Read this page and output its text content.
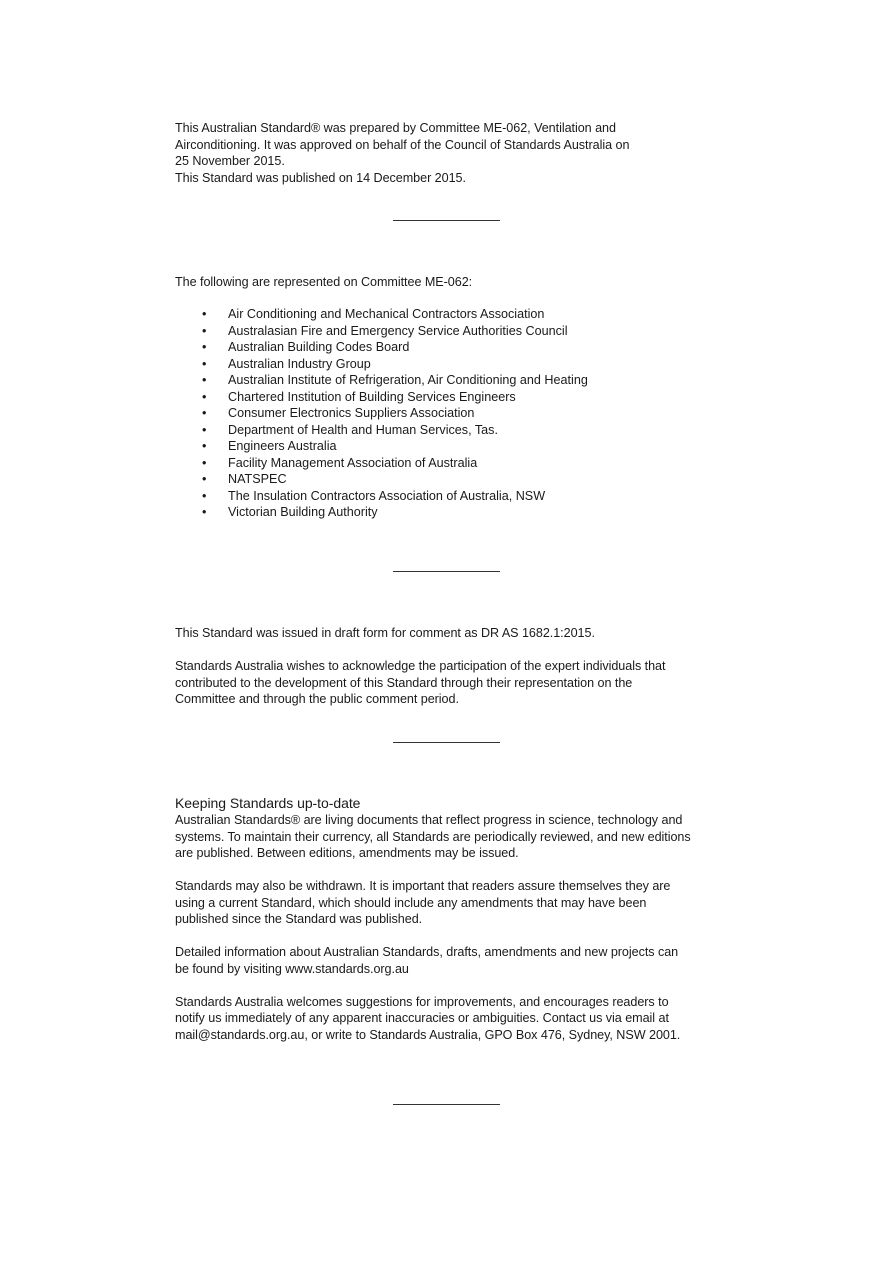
This Australian Standard® was prepared by Committee ME-062, Ventilation and
Airconditioning. It was approved on behalf of the Council of Standards Australia on
25 November 2015.
This Standard was published on 14 December 2015.
The following are represented on Committee ME-062:
• Air Conditioning and Mechanical Contractors Association
• Australasian Fire and Emergency Service Authorities Council
• Australian Building Codes Board
• Australian Industry Group
• Australian Institute of Refrigeration, Air Conditioning and Heating
• Chartered Institution of Building Services Engineers
• Consumer Electronics Suppliers Association
• Department of Health and Human Services, Tas.
• Engineers Australia
• Facility Management Association of Australia
• NATSPEC
• The Insulation Contractors Association of Australia, NSW
• Victorian Building Authority
This Standard was issued in draft form for comment as DR AS 1682.1:2015.
Standards Australia wishes to acknowledge the participation of the expert individuals that
contributed to the development of this Standard through their representation on the
Committee and through the public comment period.
Keeping Standards up-to-date
Australian Standards® are living documents that reflect progress in science, technology and
systems. To maintain their currency, all Standards are periodically reviewed, and new editions
are published. Between editions, amendments may be issued.
Standards may also be withdrawn. It is important that readers assure themselves they are
using a current Standard, which should include any amendments that may have been
published since the Standard was published.
Detailed information about Australian Standards, drafts, amendments and new projects can
be found by visiting www.standards.org.au
Standards Australia welcomes suggestions for improvements, and encourages readers to
notify us immediately of any apparent inaccuracies or ambiguities. Contact us via email at
mail@standards.org.au, or write to Standards Australia, GPO Box 476, Sydney, NSW 2001.
